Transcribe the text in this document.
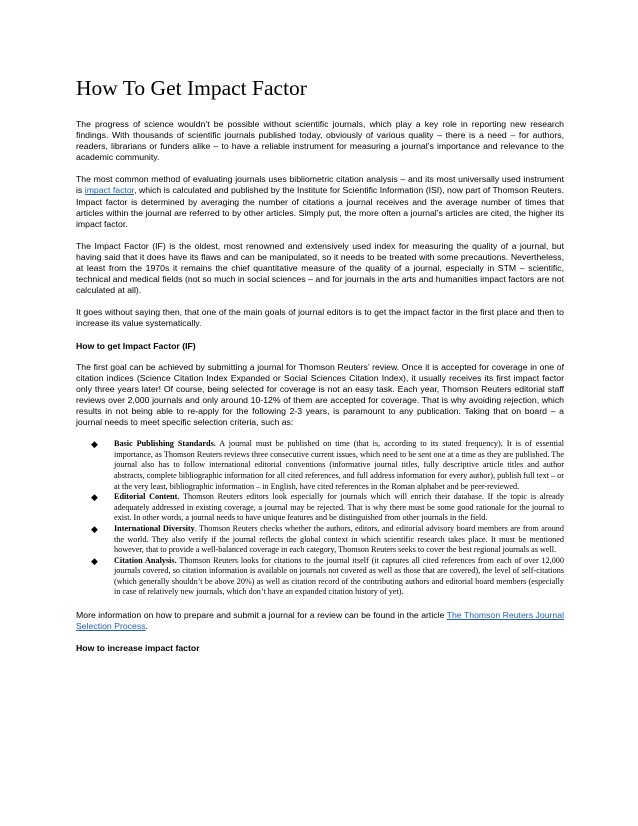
How To Get Impact Factor

The progress of science wouldn’t be possible without scientific journals, which play a key role in reporting new research findings. With thousands of scientific journals published today, obviously of various quality – there is a need – for authors, readers, librarians or funders alike – to have a reliable instrument for measuring a journal’s importance and relevance to the academic community.

The most common method of evaluating journals uses bibliometric citation analysis – and its most universally used instrument is impact factor, which is calculated and published by the Institute for Scientific Information (ISI), now part of Thomson Reuters. Impact factor is determined by averaging the number of citations a journal receives and the average number of times that articles within the journal are referred to by other articles. Simply put, the more often a journal’s articles are cited, the higher its impact factor.

The Impact Factor (IF) is the oldest, most renowned and extensively used index for measuring the quality of a journal, but having said that it does have its flaws and can be manipulated, so it needs to be treated with some precautions. Nevertheless, at least from the 1970s it remains the chief quantitative measure of the quality of a journal, especially in STM – scientific, technical and medical fields (not so much in social sciences – and for journals in the arts and humanities impact factors are not calculated at all).

It goes without saying then, that one of the main goals of journal editors is to get the impact factor in the first place and then to increase its value systematically.

How to get Impact Factor (IF)

The first goal can be achieved by submitting a journal for Thomson Reuters’ review. Once it is accepted for coverage in one of citation indices (Science Citation Index Expanded or Social Sciences Citation Index), it usually receives its first impact factor only three years later! Of course, being selected for coverage is not an easy task. Each year, Thomson Reuters editorial staff reviews over 2,000 journals and only around 10-12% of them are accepted for coverage. That is why avoiding rejection, which results in not being able to re-apply for the following 2-3 years, is paramount to any publication. Taking that on board – a journal needs to meet specific selection criteria, such as:

◆ Basic Publishing Standards. A journal must be published on time (that is, according to its stated frequency). It is of essential importance, as Thomson Reuters reviews three consecutive current issues, which need to be sent one at a time as they are published. The journal also has to follow international editorial conventions (informative journal titles, fully descriptive article titles and author abstracts, complete bibliographic information for all cited references, and full address information for every author), publish full text – or at the very least, bibliographic information – in English, have cited references in the Roman alphabet and be peer-reviewed.
◆ Editorial Content. Thomson Reuters editors look especially for journals which will enrich their database. If the topic is already adequately addressed in existing coverage, a journal may be rejected. That is why there must be some good rationale for the journal to exist. In other words, a journal needs to have unique features and be distinguished from other journals in the field.
◆ International Diversity. Thomson Reuters checks whether the authors, editors, and editorial advisory board members are from around the world. They also verify if the journal reflects the global context in which scientific research takes place. It must be mentioned however, that to provide a well-balanced coverage in each category, Thomson Reuters seeks to cover the best regional journals as well.
◆ Citation Analysis. Thomson Reuters looks for citations to the journal itself (it captures all cited references from each of over 12,000 journals covered, so citation information is available on journals not covered as well as those that are covered), the level of self-citations (which generally shouldn’t be above 20%) as well as citation record of the contributing authors and editorial board members (especially in case of relatively new journals, which don’t have an expanded citation history of yet).

More information on how to prepare and submit a journal for a review can be found in the article The Thomson Reuters Journal Selection Process.

How to increase impact factor
